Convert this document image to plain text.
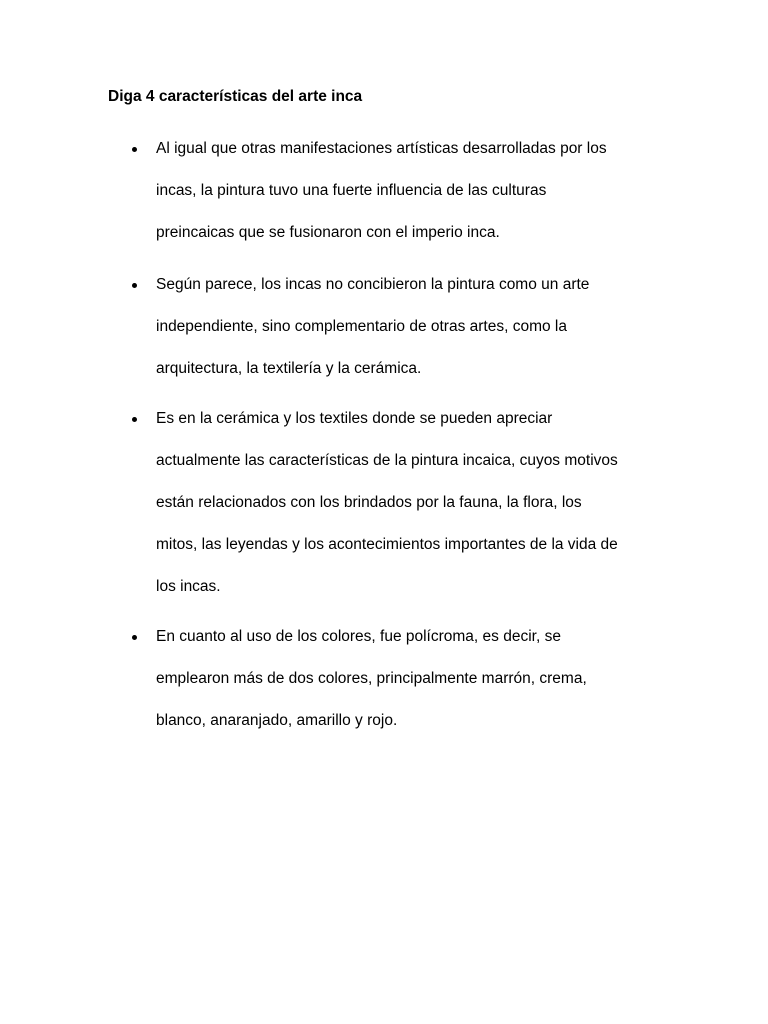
Diga 4 características del arte inca
Al igual que otras manifestaciones artísticas desarrolladas por los
incas, la pintura tuvo una fuerte influencia de las culturas
preincaicas que se fusionaron con el imperio inca.
Según parece, los incas no concibieron la pintura como un arte
independiente, sino complementario de otras artes, como la
arquitectura, la textilería y la cerámica.
Es en la cerámica y los textiles donde se pueden apreciar
actualmente las características de la pintura incaica, cuyos motivos
están relacionados con los brindados por la fauna, la flora, los
mitos, las leyendas y los acontecimientos importantes de la vida de
los incas.
En cuanto al uso de los colores, fue polícroma, es decir, se
emplearon más de dos colores, principalmente marrón, crema,
blanco, anaranjado, amarillo y rojo.
